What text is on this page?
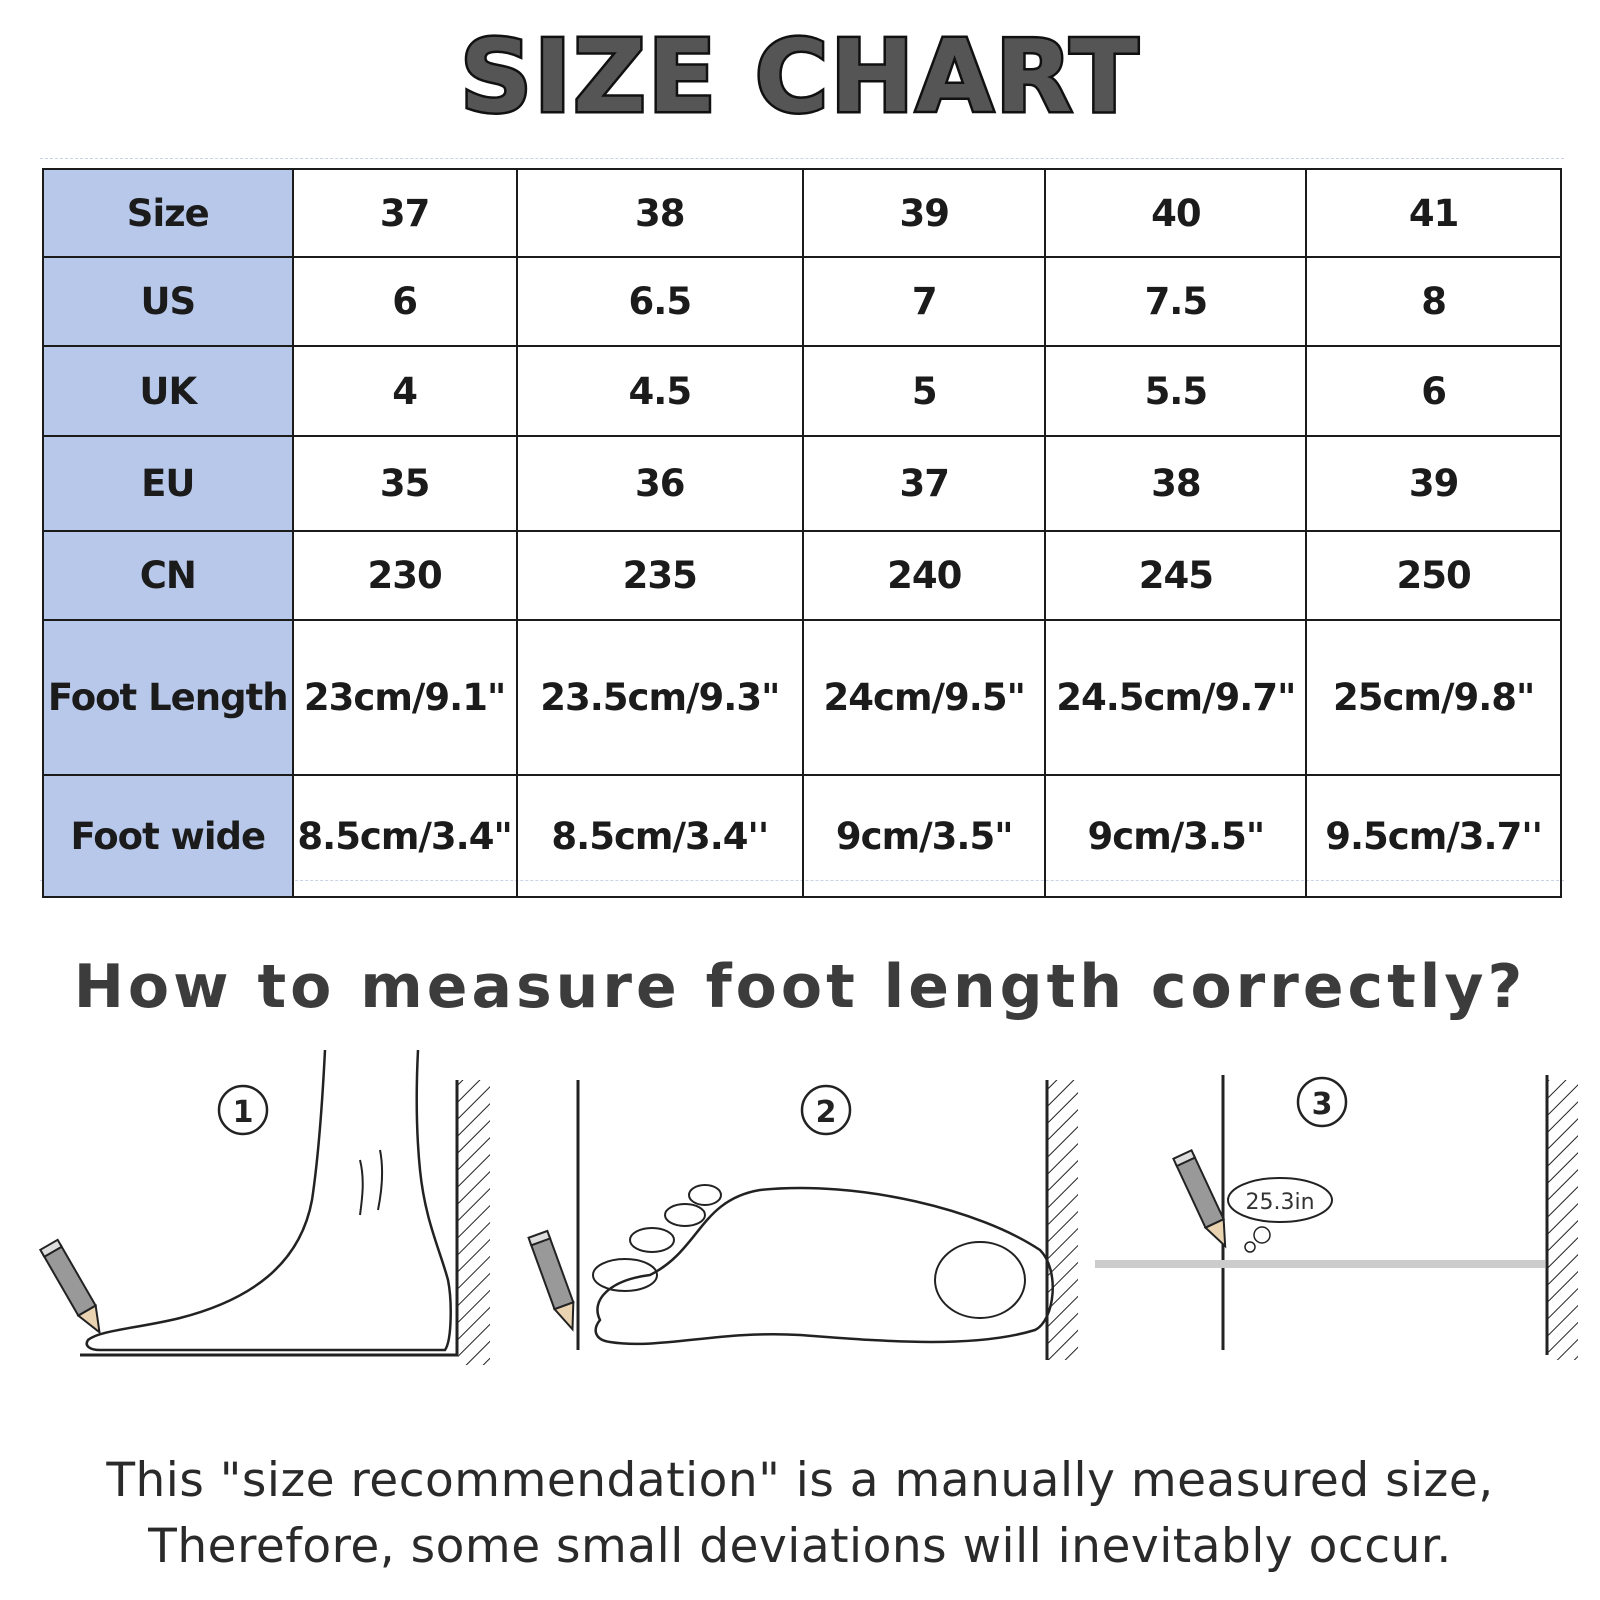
SIZE CHART
Size	37	38	39	40	41
US	6	6.5	7	7.5	8
UK	4	4.5	5	5.5	6
EU	35	36	37	38	39
CN	230	235	240	245	250
Foot Length	23cm/9.1"	23.5cm/9.3"	24cm/9.5"	24.5cm/9.7"	25cm/9.8"
Foot wide	8.5cm/3.4"	8.5cm/3.4''	9cm/3.5"	9cm/3.5"	9.5cm/3.7''
How to measure foot length correctly?
1	2
25.3in
3
This "size recommendation" is a manually measured size,
Therefore, some small deviations will inevitably occur.
